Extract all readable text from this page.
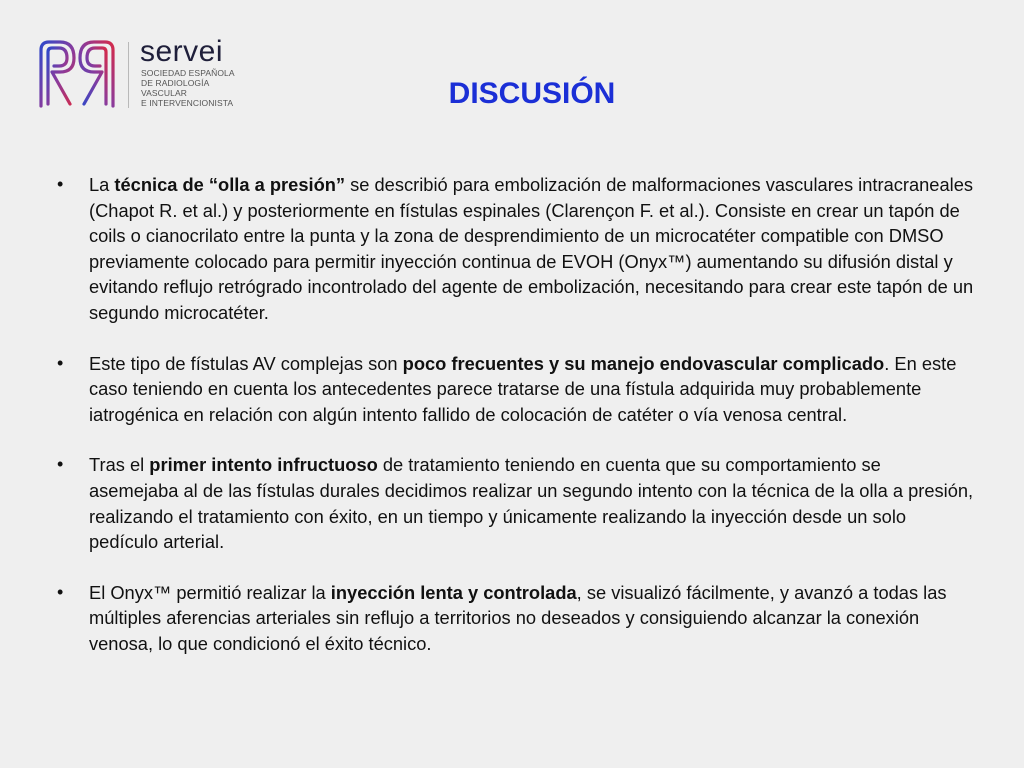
servei
SOCIEDAD ESPAÑOLA
DE RADIOLOGÍA
VASCULAR
E INTERVENCIONISTA	DISCUSIÓN
• La técnica de “olla a presión” se describió para embolización de malformaciones vasculares intracraneales (Chapot R. et al.) y posteriormente en fístulas espinales (Clarençon F. et al.). Consiste en crear un tapón de coils o cianocrilato entre la punta y la zona de desprendimiento de un microcatéter compatible con DMSO previamente colocado para permitir inyección continua de EVOH (Onyx™) aumentando su difusión distal y evitando reflujo retrógrado incontrolado del agente de embolización, necesitando para crear este tapón de un segundo microcatéter.
• Este tipo de fístulas AV complejas son poco frecuentes y su manejo endovascular complicado. En este caso teniendo en cuenta los antecedentes parece tratarse de una fístula adquirida muy probablemente iatrogénica en relación con algún intento fallido de colocación de catéter o vía venosa central.
• Tras el primer intento infructuoso de tratamiento teniendo en cuenta que su comportamiento se asemejaba al de las fístulas durales decidimos realizar un segundo intento con la técnica de la olla a presión, realizando el tratamiento con éxito, en un tiempo y únicamente realizando la inyección desde un solo pedículo arterial.
• El Onyx™ permitió realizar la inyección lenta y controlada, se visualizó fácilmente, y avanzó a todas las múltiples aferencias arteriales sin reflujo a territorios no deseados y consiguiendo alcanzar la conexión venosa, lo que condicionó el éxito técnico.
